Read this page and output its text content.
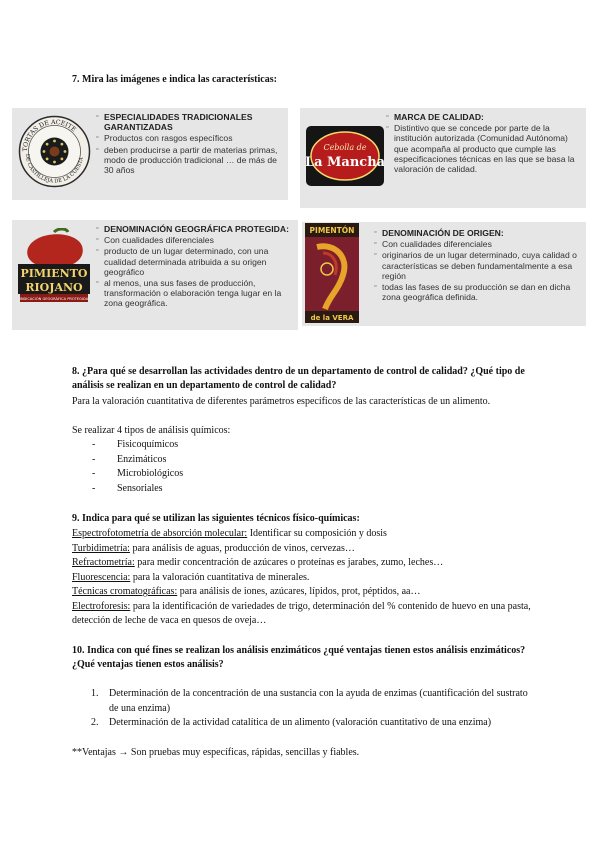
7. Mira las imágenes e indica las características:
TORTAS DE ACEITE
DE CASTILLEJA DE LA CUESTA
▫ ESPECIALIDADES TRADICIONALES GARANTIZADAS
▫ Productos con rasgos específicos
▫ deben producirse a partir de materias primas, modo de producción tradicional … de más de 30 años
Cebolla de
La Mancha
▫ MARCA DE CALIDAD:
▫ Distintivo que se concede por parte de la institución autorizada (Comunidad Autónoma) que acompaña al producto que cumple las especificaciones técnicas en las que se basa la valoración de calidad.
PIMIENTO
RIOJANO
INDICACIÓN GEOGRÁFICA PROTEGIDA
▫ DENOMINACIÓN GEOGRÁFICA PROTEGIDA:
▫ Con cualidades diferenciales
▫ producto de un lugar determinado, con una cualidad determinada atribuida a su origen geográfico
▫ al menos, una sus fases de producción, transformación o elaboración tenga lugar en la zona geográfica.
PIMENTÓN
de la VERA
▫ DENOMINACIÓN DE ORIGEN:
▫ Con cualidades diferenciales
▫ originarios de un lugar determinado, cuya calidad o características se deben fundamentalmente a esa región
▫ todas las fases de su producción se dan en dicha zona geográfica definida.
8. ¿Para qué se desarrollan las actividades dentro de un departamento de control de calidad? ¿Qué tipo de análisis se realizan en un departamento de control de calidad?
Para la valoración cuantitativa de diferentes parámetros específicos de las características de un alimento.
Se realizar 4 tipos de análisis químicos:
- Fisicoquímicos
- Enzimáticos
- Microbiológicos
- Sensoriales
9. Indica para qué se utilizan las siguientes técnicos físico-químicas:
Espectrofotometría de absorción molecular: Identificar su composición y dosis
Turbidimetría: para análisis de aguas, producción de vinos, cervezas…
Refractometría: para medir concentración de azúcares o proteínas es jarabes, zumo, leches…
Fluorescencia: para la valoración cuantitativa de minerales.
Técnicas cromatográficas: para análisis de iones, azúcares, lípidos, prot, péptidos, aa…
Electroforesis: para la identificación de variedades de trigo, determinación del % contenido de huevo en una pasta, detección de leche de vaca en quesos de oveja…
10. Indica con qué fines se realizan los análisis enzimáticos ¿qué ventajas tienen estos análisis enzimáticos? ¿Qué ventajas tienen estos análisis?
1. Determinación de la concentración de una sustancia con la ayuda de enzimas (cuantificación del sustrato de una enzima)
2. Determinación de la actividad catalítica de un alimento (valoración cuantitativo de una enzima)
**Ventajas → Son pruebas muy específicas, rápidas, sencillas y fiables.
